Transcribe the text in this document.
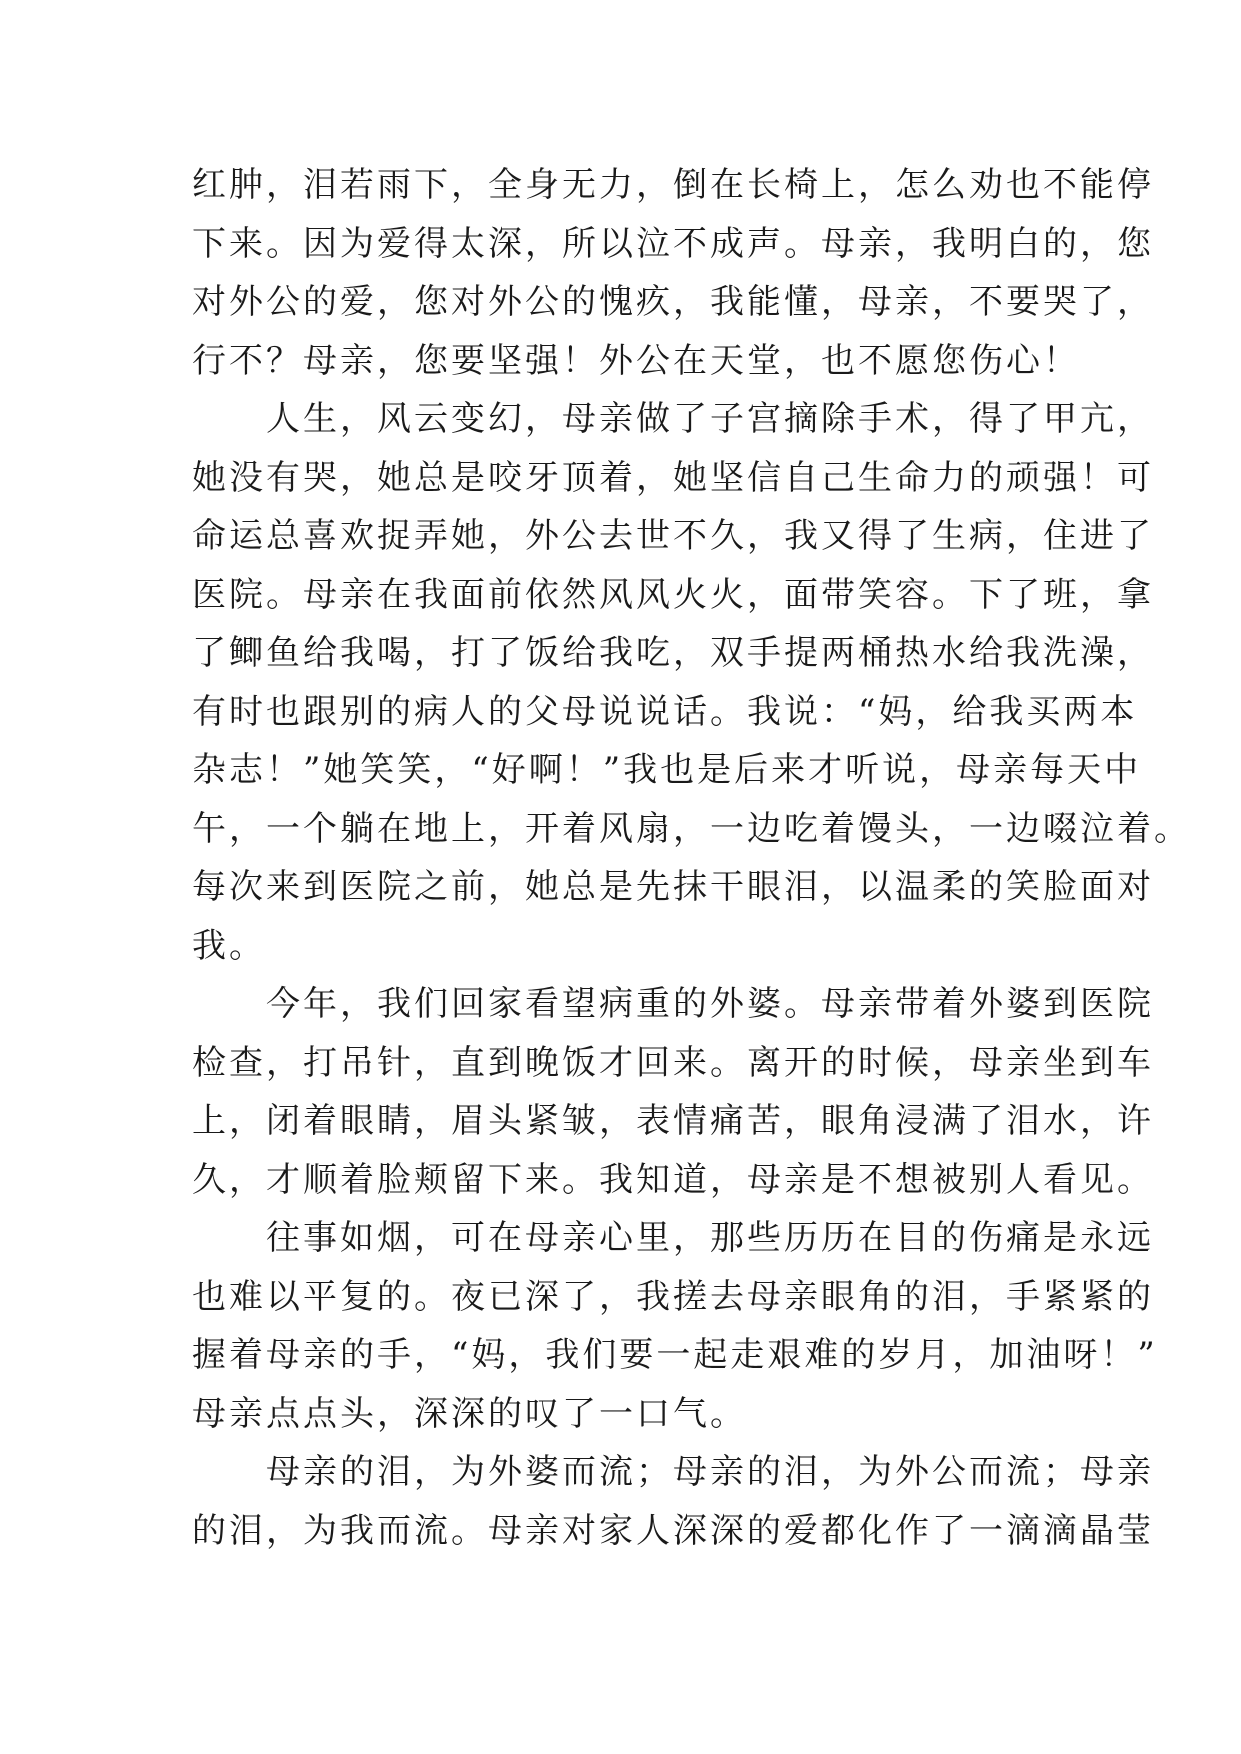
红肿，泪若雨下，全身无力，倒在长椅上，怎么劝也不能停
下来。因为爱得太深，所以泣不成声。母亲，我明白的，您
对外公的爱，您对外公的愧疚，我能懂，母亲，不要哭了，
行不？母亲，您要坚强！外公在天堂，也不愿您伤心！
　　人生，风云变幻，母亲做了子宫摘除手术，得了甲亢，
她没有哭，她总是咬牙顶着，她坚信自己生命力的顽强！可
命运总喜欢捉弄她，外公去世不久，我又得了生病，住进了
医院。母亲在我面前依然风风火火，面带笑容。下了班，拿
了鲫鱼给我喝，打了饭给我吃，双手提两桶热水给我洗澡，
有时也跟别的病人的父母说说话。我说：“妈，给我买两本
杂志！”她笑笑，“好啊！”我也是后来才听说，母亲每天中
午，一个躺在地上，开着风扇，一边吃着馒头，一边啜泣着。
每次来到医院之前，她总是先抹干眼泪，以温柔的笑脸面对
我。
　　今年，我们回家看望病重的外婆。母亲带着外婆到医院
检查，打吊针，直到晚饭才回来。离开的时候，母亲坐到车
上，闭着眼睛，眉头紧皱，表情痛苦，眼角浸满了泪水，许
久，才顺着脸颊留下来。我知道，母亲是不想被别人看见。
　　往事如烟，可在母亲心里，那些历历在目的伤痛是永远
也难以平复的。夜已深了，我搓去母亲眼角的泪，手紧紧的
握着母亲的手，“妈，我们要一起走艰难的岁月，加油呀！”
母亲点点头，深深的叹了一口气。
　　母亲的泪，为外婆而流；母亲的泪，为外公而流；母亲
的泪，为我而流。母亲对家人深深的爱都化作了一滴滴晶莹
